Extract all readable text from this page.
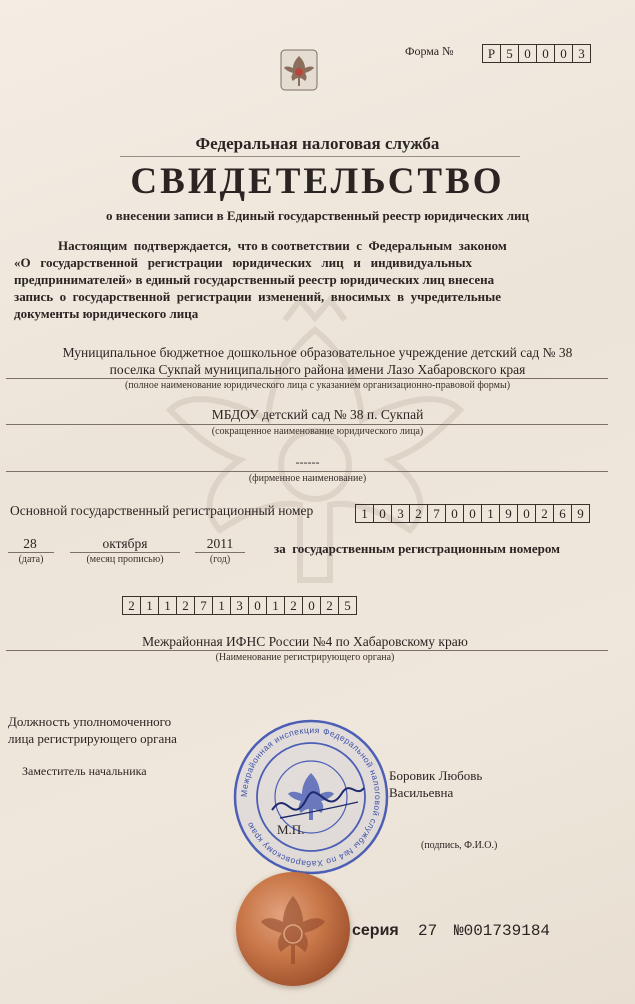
Форма №	Р 5 0 0 0 3
Федеральная налоговая служба
СВИДЕТЕЛЬСТВО
о внесении записи в Единый государственный реестр юридических лиц
Настоящим  подтверждается,  что в соответствии  с  Федеральным  законом
«О   государственной   регистрации   юридических   лиц   и   индивидуальных
предпринимателей» в единый государственный реестр юридических лиц внесена
запись  о  государственной  регистрации  изменений,  вносимых  в  учредительные
документы юридического лица
Муниципальное бюджетное дошкольное образовательное учреждение детский сад № 38
поселка Сукпай муниципального района имени Лазо Хабаровского края
(полное наименование юридического лица с указанием организационно-правовой формы)
МБДОУ детский сад № 38 п. Сукпай
(сокращенное наименование юридического лица)
------
(фирменное наименование)
Основной государственный регистрационный номер	1 0 3 2 7 0 0 1 9 0 2 6 9
28
(дата)
октября
(месяц прописью)
2011
(год)
за  государственным регистрационным номером
2 1 1 2 7 1 3 0 1 2 0 2 5
Межрайонная ИФНС России №4 по Хабаровскому краю
(Наименование регистрирующего органа)
Должность уполномоченного
лица регистрирующего органа
Заместитель начальника	Боровик Любовь
Васильевна
(подпись, Ф.И.О.)
Межрайонная инспекция Федеральной налоговой службы №4 по Хабаровскому краю	М.П.
серия 27 №001739184
